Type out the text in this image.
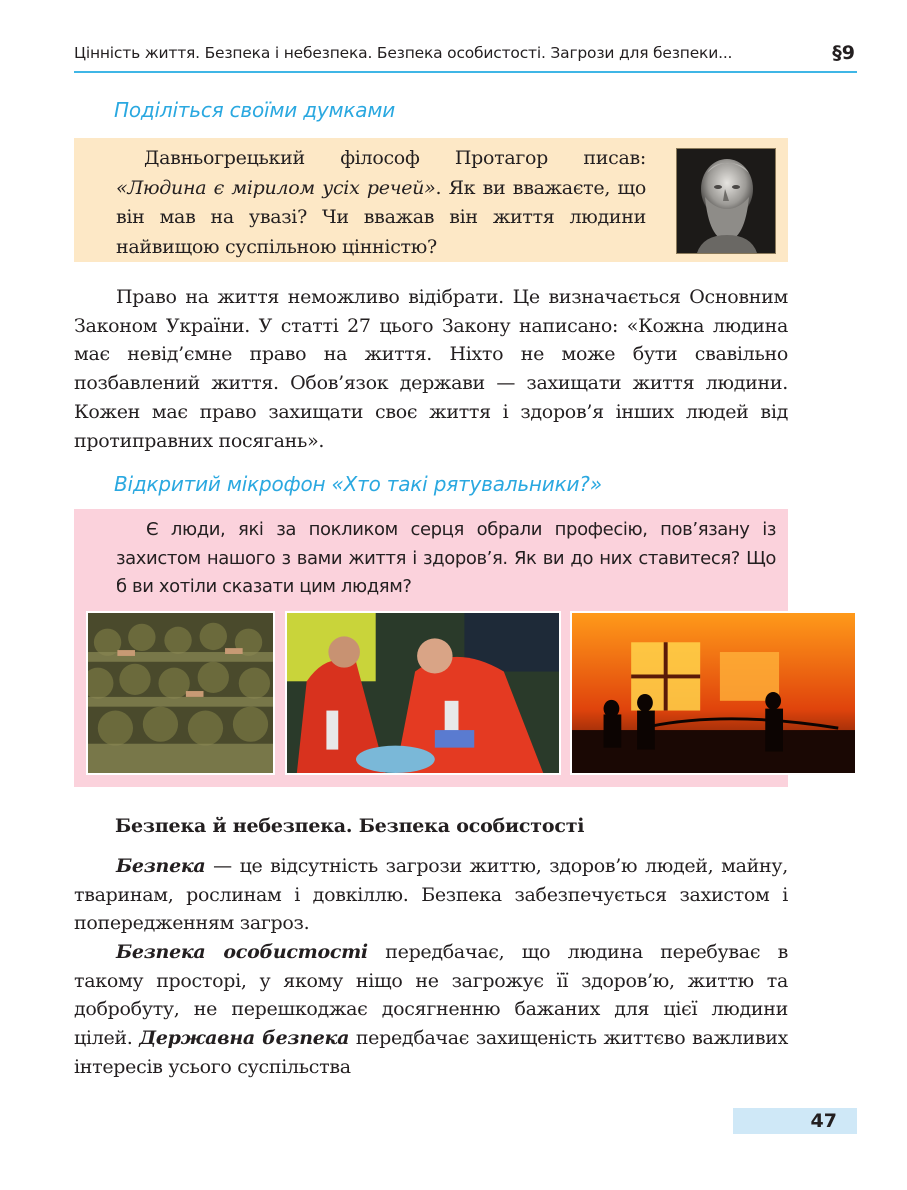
Цінність життя. Безпека і небезпека. Безпека особистості. Загрози для безпеки...	§9
Поділіться своїми думками
Давньогрецький філософ Протагор писав: «Людина є мірилом усіх речей». Як ви вважаєте, що він мав на увазі? Чи вважав він життя людини найвищою суспільною цінністю?
Право на життя неможливо відібрати. Це визначається Основним Законом України. У статті 27 цього Закону написано: «Кожна людина має невід’ємне право на життя. Ніхто не може бути свавільно позбавлений життя. Обов’язок держави — захищати життя людини. Кожен має право захищати своє життя і здоров’я інших людей від протиправних посягань».
Відкритий мікрофон «Хто такі рятувальники?»
Є люди, які за покликом серця обрали професію, пов’язану із захистом нашого з вами життя і здоров’я. Як ви до них ставитеся? Що б ви хотіли сказати цим людям?
Безпека й небезпека. Безпека особистості
Безпека — це відсутність загрози життю, здоров’ю людей, майну, тваринам, рослинам і довкіллю. Безпека забезпечується захистом і попередженням загроз.
Безпека особистості передбачає, що людина перебуває в такому просторі, у якому ніщо не загрожує її здоров’ю, життю та добробуту, не перешкоджає досягненню бажаних для цієї людини цілей. Державна безпека передбачає захищеність життєво важливих інтересів усього суспільства
47
